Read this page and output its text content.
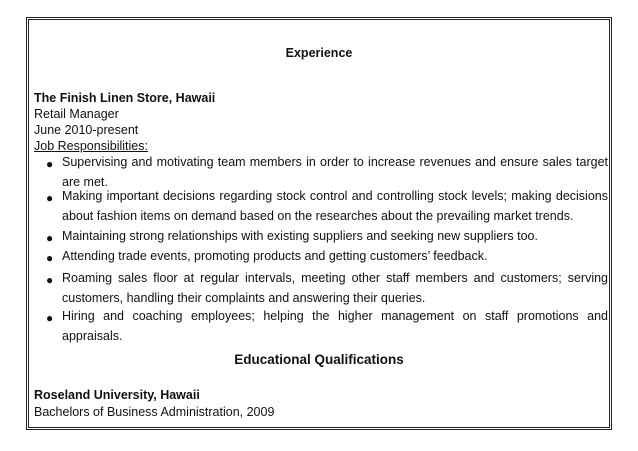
Experience
The Finish Linen Store, Hawaii
Retail Manager
June 2010-present
Job Responsibilities:
● Supervising and motivating team members in order to increase revenues and ensure sales target are met.
● Making important decisions regarding stock control and controlling stock levels; making decisions about fashion items on demand based on the researches about the prevailing market trends.
● Maintaining strong relationships with existing suppliers and seeking new suppliers too.
● Attending trade events, promoting products and getting customers’ feedback.
● Roaming sales floor at regular intervals, meeting other staff members and customers; serving customers, handling their complaints and answering their queries.
● Hiring and coaching employees; helping the higher management on staff promotions and appraisals.
Educational Qualifications
Roseland University, Hawaii
Bachelors of Business Administration, 2009
